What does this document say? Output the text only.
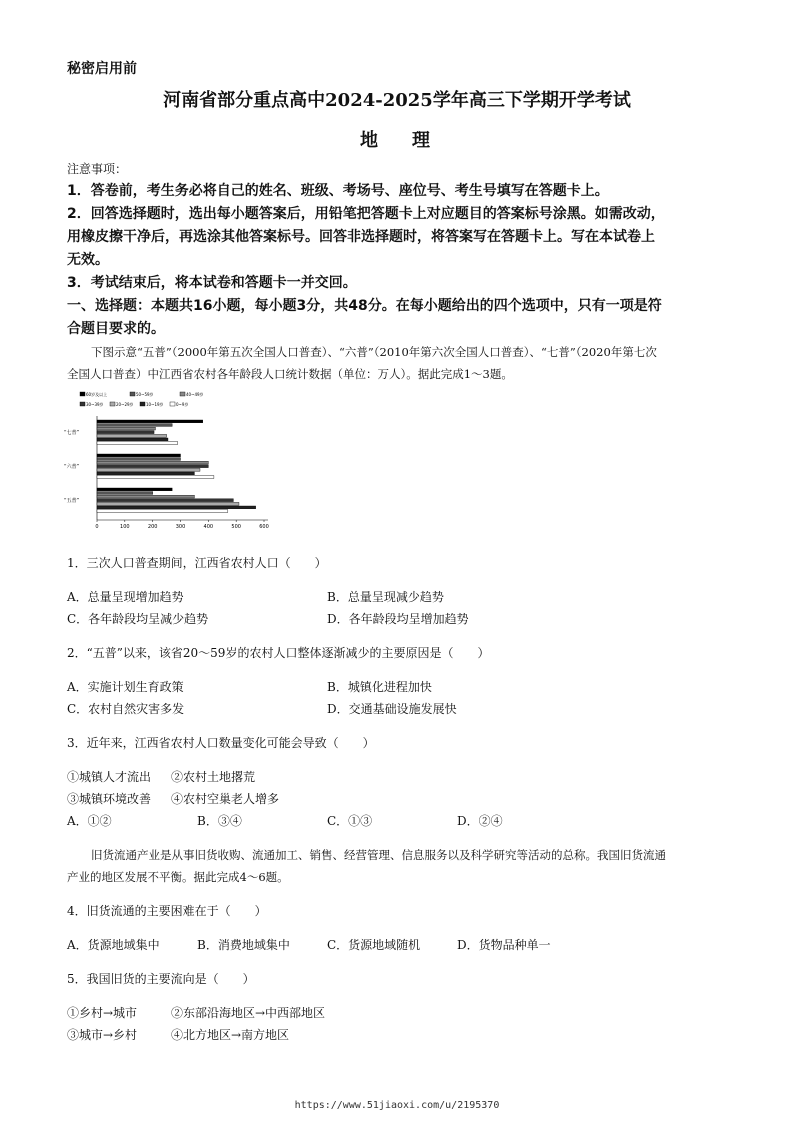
秘密启用前
河南省部分重点高中2024-2025学年高三下学期开学考试
地理

注意事项：

1．答卷前，考生务必将自己的姓名、班级、考场号、座位号、考生号填写在答题卡上。

2．回答选择题时，选出每小题答案后，用铅笔把答题卡上对应题目的答案标号涂黑。如需改动，用橡皮擦干净后，再选涂其他答案标号。回答非选择题时，将答案写在答题卡上。写在本试卷上无效。

3．考试结束后，将本试卷和答题卡一并交回。

一、选择题：本题共16小题，每小题3分，共48分。在每小题给出的四个选项中，只有一项是符合题目要求的。

下图示意“五普”（2000年第五次全国人口普查）、“六普”（2010年第六次全国人口普查）、“七普”（2020年第七次全国人口普查）中江西省农村各年龄段人口统计数据（单位：万人）。据此完成1～3题。

60岁及以上	50~59岁	40~49岁
30~39岁	20~29岁	10~19岁	0~9岁
0	100	200	300	400	500	600
“七普”
“六普”
“五普”

1．三次人口普查期间，江西省农村人口（　　）

A．总量呈现增加趋势	B．总量呈现减少趋势
C．各年龄段均呈减少趋势	D．各年龄段均呈增加趋势

2．“五普”以来，该省20～59岁的农村人口整体逐渐减少的主要原因是（　　）

A．实施计划生育政策	B．城镇化进程加快
C．农村自然灾害多发	D．交通基础设施发展快

3．近年来，江西省农村人口数量变化可能会导致（　　）

①城镇人才流出	②农村土地撂荒
③城镇环境改善	④农村空巢老人增多
A．①②	B．③④	C．①③	D．②④

旧货流通产业是从事旧货收购、流通加工、销售、经营管理、信息服务以及科学研究等活动的总称。我国旧货流通产业的地区发展不平衡。据此完成4～6题。

4．旧货流通的主要困难在于（　　）

A．货源地域集中	B．消费地域集中	C．货源地域随机	D．货物品种单一

5．我国旧货的主要流向是（　　）

①乡村→城市	②东部沿海地区→中西部地区
③城市→乡村	④北方地区→南方地区
https://www.51jiaoxi.com/u/2195370
